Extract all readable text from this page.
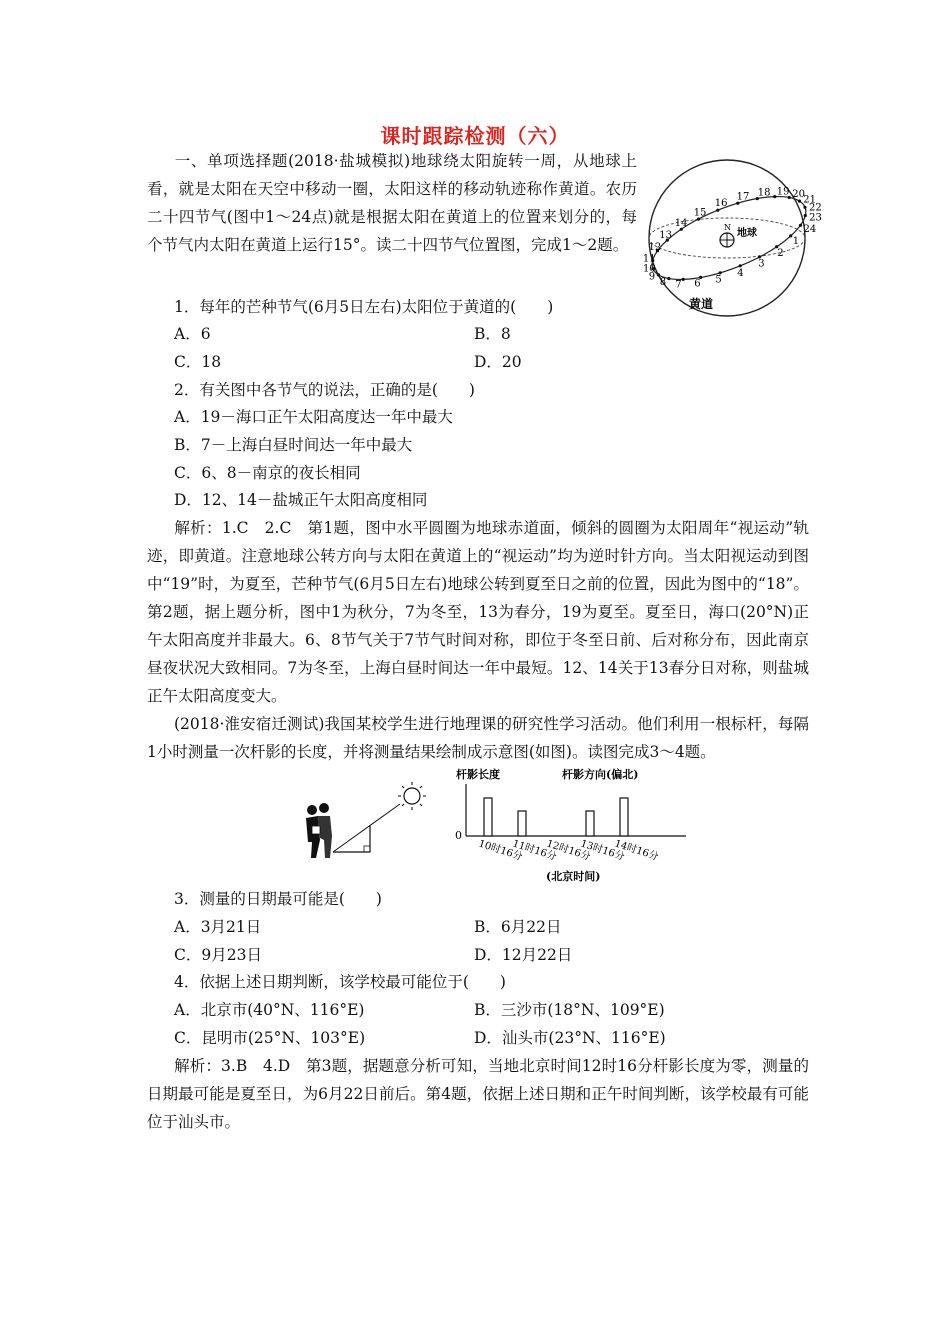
课时跟踪检测（六）

一、单项选择题(2018·盐城模拟)地球绕太阳旋转一周，从地球上看，就是太阳在天空中移动一圈，太阳这样的移动轨迹称作黄道。农历二十四节气(图中1～24点)就是根据太阳在黄道上的位置来划分的，每个节气内太阳在黄道上运行15°。读二十四节气位置图，完成1～2题。	1
2
3
4
5
6
7
8
9
10
11
12
13
14
15
16
17 18 19 20
21
22
23
24
N
地球
黄道
1．每年的芒种节气(6月5日左右)太阳位于黄道的(　　)
A．6	B．8
C．18	D．20
2．有关图中各节气的说法，正确的是(　　)
A．19－海口正午太阳高度达一年中最大
B．7－上海白昼时间达一年中最大
C．6、8－南京的夜长相同
D．12、14－盐城正午太阳高度相同

解析：1.C　2.C　第1题，图中水平圆圈为地球赤道面，倾斜的圆圈为太阳周年“视运动”轨迹，即黄道。注意地球公转方向与太阳在黄道上的“视运动”均为逆时针方向。当太阳视运动到图中“19”时，为夏至，芒种节气(6月5日左右)地球公转到夏至日之前的位置，因此为图中的“18”。第2题，据上题分析，图中1为秋分，7为冬至，13为春分，19为夏至。夏至日，海口(20°N)正午太阳高度并非最大。6、8节气关于7节气时间对称，即位于冬至日前、后对称分布，因此南京昼夜状况大致相同。7为冬至，上海白昼时间达一年中最短。12、14关于13春分日对称，则盐城正午太阳高度变大。

(2018·淮安宿迁测试)我国某校学生进行地理课的研究性学习活动。他们利用一根标杆，每隔1小时测量一次杆影的长度，并将测量结果绘制成示意图(如图)。读图完成3～4题。

杆影长度	杆影方向(偏北)
0
10时16分
11时16分
12时16分
13时16分
14时16分
(北京时间)
3．测量的日期最可能是(　　)
A．3月21日	B．6月22日
C．9月23日	D．12月22日
4．依据上述日期判断，该学校最可能位于(　　)
A．北京市(40°N、116°E)	B．三沙市(18°N、109°E)
C．昆明市(25°N、103°E)	D．汕头市(23°N、116°E)

解析：3.B　4.D　第3题，据题意分析可知，当地北京时间12时16分杆影长度为零，测量的日期最可能是夏至日，为6月22日前后。第4题，依据上述日期和正午时间判断，该学校最有可能位于汕头市。
